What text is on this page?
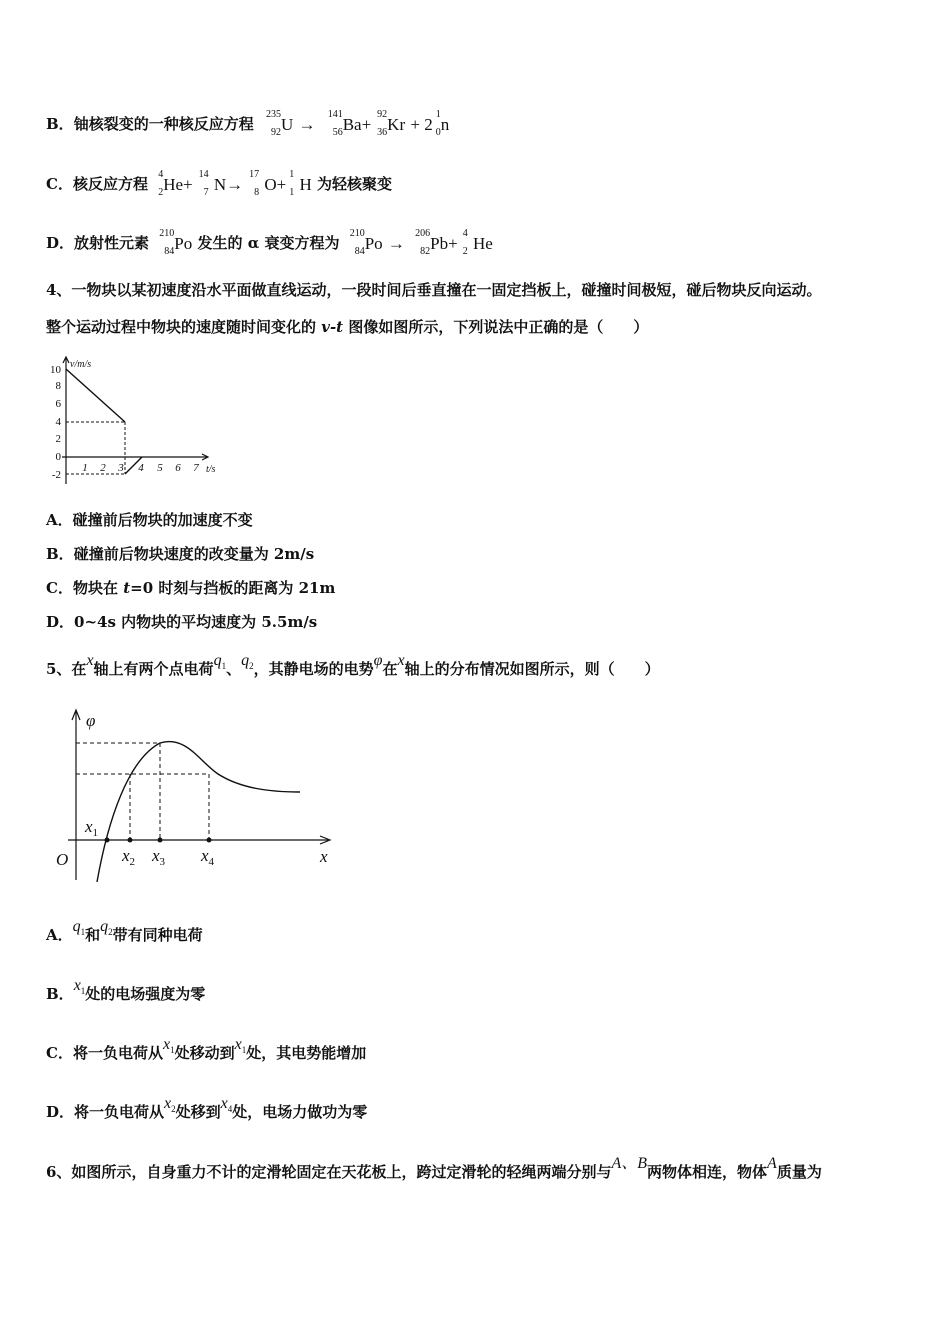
B．铀核裂变的一种核反应方程
235
92 U →
141
56 Ba+
92
36 Kr + 2
1
0 n
C．核反应方程
4
2 He+
14
7 N→
17
8 O+
1
1 H 为轻核聚变
D．放射性元素
210
84 Po 发生的 α 衰变方程为
210
84 Po →
206
82 Pb+
4
2 He
4、一物块以某初速度沿水平面做直线运动，一段时间后垂直撞在一固定挡板上，碰撞时间极短，碰后物块反向运动。
整个运动过程中物块的速度随时间变化的 v-t 图像如图所示，下列说法中正确的是（　　）
v/m/s
t/s
10
8
6
4
2
0
-2
1 2 3 4 5 6 7
A．碰撞前后物块的加速度不变
B．碰撞前后物块速度的改变量为 2m/s
C．物块在 t=0 时刻与挡板的距离为 21m
D．0~4s 内物块的平均速度为 5.5m/s
5、在x轴上有两个点电荷$q_1$、$q_2$，其静电场的电势φ在x轴上的分布情况如图所示，则（　　）
φ
O	x
$x_1$
$x_2$ $x_3$ $x_4$
A．$q_1$和$q_2$带有同种电荷
B．$x_1$处的电场强度为零
C．将一负电荷从$x_1$处移动到$x_1$处，其电势能增加
D．将一负电荷从$x_2$处移到$x_4$处，电场力做功为零
6、如图所示，自身重力不计的定滑轮固定在天花板上，跨过定滑轮的轻绳两端分别与A、B两物体相连，物体A质量为
